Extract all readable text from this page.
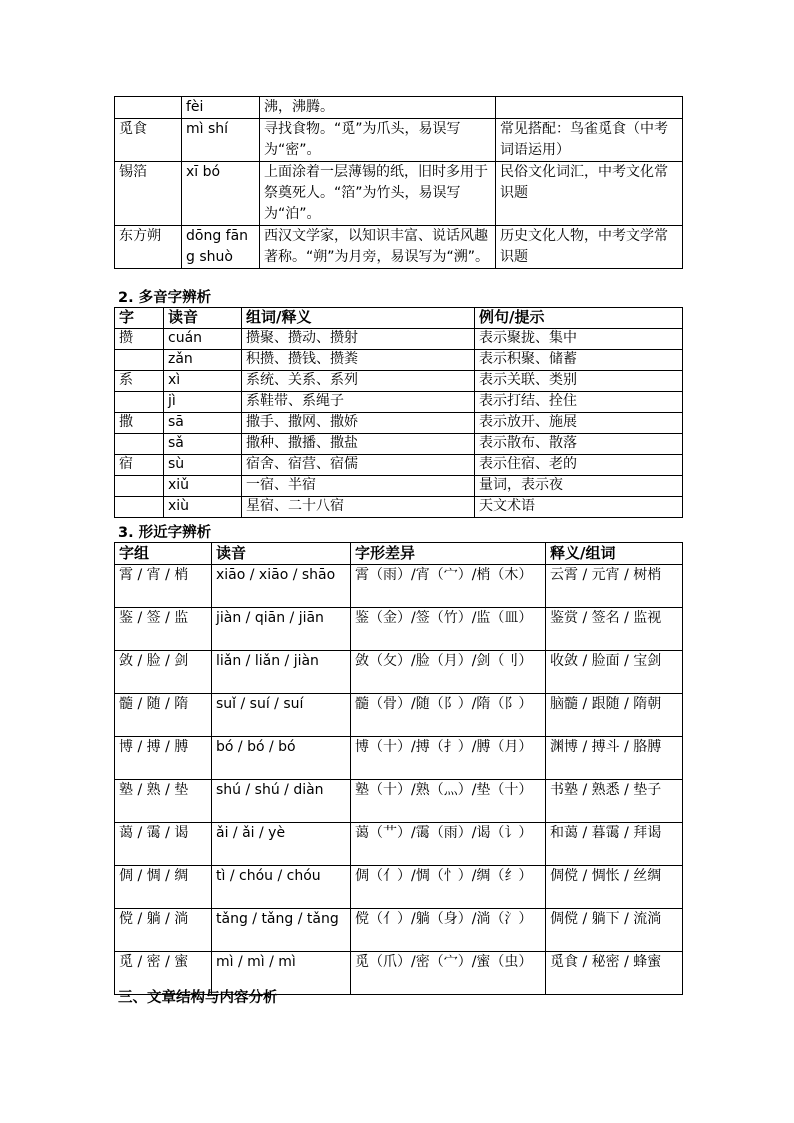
	fèi	沸，沸腾。	
觅食	mì shí	寻找食物。“觅”为爪头，易误写为“密”。	常见搭配：鸟雀觅食（中考词语运用）
锡箔	xī bó	上面涂着一层薄锡的纸，旧时多用于祭奠死人。“箔”为竹头，易误写为“泊”。	民俗文化词汇，中考文化常识题
东方朔	dōng fāng shuò	西汉文学家，以知识丰富、说话风趣著称。“朔”为月旁，易误写为“溯”。	历史文化人物，中考文学常识题
2. 多音字辨析
字	读音	组词/释义	例句/提示
攒	cuán	攒聚、攒动、攒射	表示聚拢、集中
	zǎn	积攒、攒钱、攒粪	表示积聚、储蓄
系	xì	系统、关系、系列	表示关联、类别
	jì	系鞋带、系绳子	表示打结、拴住
撒	sā	撒手、撒网、撒娇	表示放开、施展
	sǎ	撒种、撒播、撒盐	表示散布、散落
宿	sù	宿舍、宿营、宿儒	表示住宿、老的
	xiǔ	一宿、半宿	量词，表示夜
	xiù	星宿、二十八宿	天文术语
3. 形近字辨析
字组	读音	字形差异	释义/组词
霄 / 宵 / 梢	xiāo / xiāo / shāo	霄（雨）/宵（宀）/梢（木）	云霄 / 元宵 / 树梢
鉴 / 签 / 监	jiàn / qiān / jiān	鉴（金）/签（竹）/监（皿）	鉴赏 / 签名 / 监视
敛 / 脸 / 剑	liǎn / liǎn / jiàn	敛（攵）/脸（月）/剑（刂）	收敛 / 脸面 / 宝剑
髓 / 随 / 隋	suǐ / suí / suí	髓（骨）/随（阝）/隋（阝）	脑髓 / 跟随 / 隋朝
博 / 搏 / 膊	bó / bó / bó	博（十）/搏（扌）/膊（月）	渊博 / 搏斗 / 胳膊
塾 / 熟 / 垫	shú / shú / diàn	塾（十）/熟（灬）/垫（十）	书塾 / 熟悉 / 垫子
蔼 / 霭 / 谒	ǎi / ǎi / yè	蔼（艹）/霭（雨）/谒（讠）	和蔼 / 暮霭 / 拜谒
倜 / 惆 / 绸	tì / chóu / chóu	倜（亻）/惆（忄）/绸（纟）	倜傥 / 惆怅 / 丝绸
傥 / 躺 / 淌	tǎng / tǎng / tǎng	傥（亻）/躺（身）/淌（氵）	倜傥 / 躺下 / 流淌
觅 / 密 / 蜜	mì / mì / mì	觅（爪）/密（宀）/蜜（虫）	觅食 / 秘密 / 蜂蜜
三、文章结构与内容分析
